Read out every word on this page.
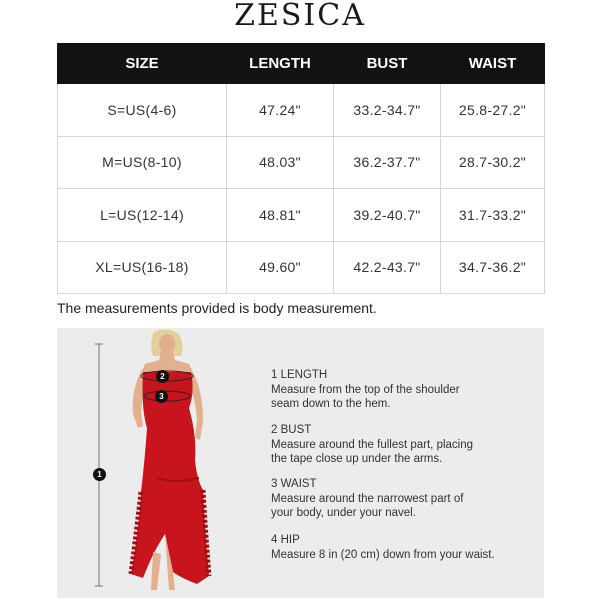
ZESICA
SIZE	LENGTH	BUST	WAIST
S=US(4-6)	47.24"	33.2-34.7"	25.8-27.2"
M=US(8-10)	48.03"	36.2-37.7"	28.7-30.2"
L=US(12-14)	48.81"	39.2-40.7"	31.7-33.2"
XL=US(16-18)	49.60"	42.2-43.7"	34.7-36.2"
The measurements provided is body measurement.
2
3
1
1 LENGTH
Measure from the top of the shoulder
seam down to the hem.
2 BUST
Measure around the fullest part, placing
the tape close up under the arms.
3 WAIST
Measure around the narrowest part of
your body, under your navel.
4 HIP
Measure 8 in (20 cm) down from your waist.
